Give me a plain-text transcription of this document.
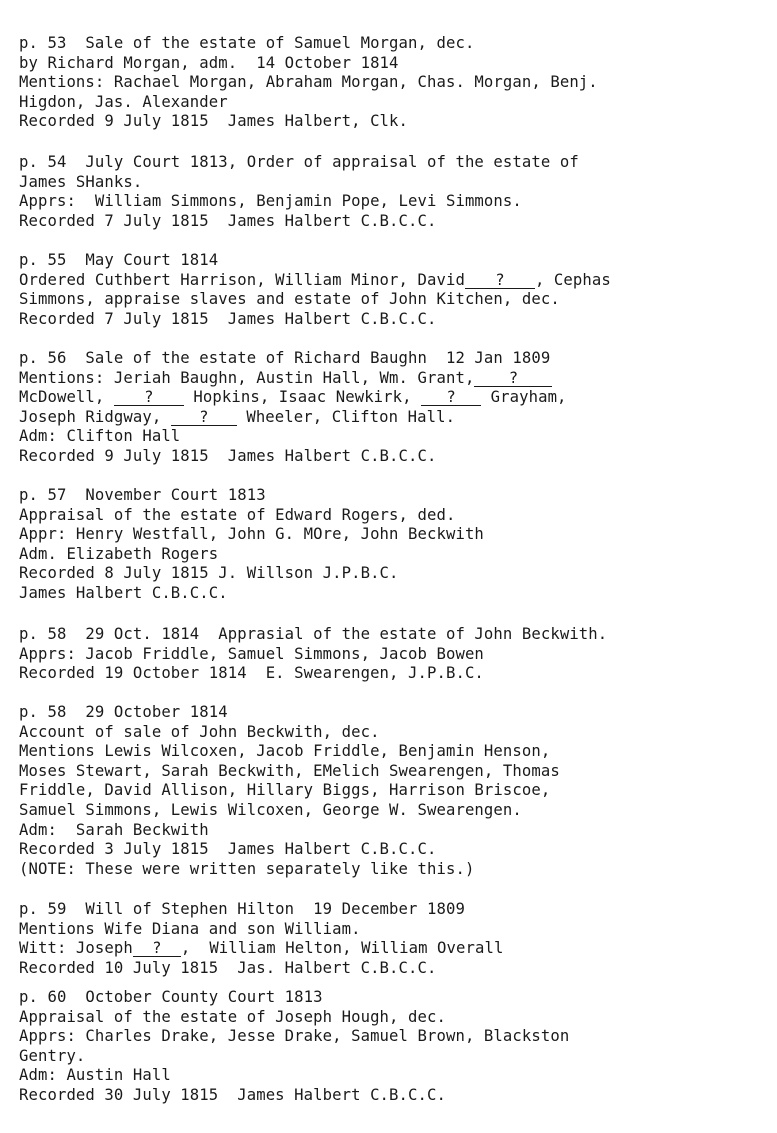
p. 53  Sale of the estate of Samuel Morgan, dec.
by Richard Morgan, adm.  14 October 1814
Mentions: Rachael Morgan, Abraham Morgan, Chas. Morgan, Benj.
Higdon, Jas. Alexander
Recorded 9 July 1815  James Halbert, Clk.
p. 54  July Court 1813, Order of appraisal of the estate of
James SHanks.
Apprs:  William Simmons, Benjamin Pope, Levi Simmons.
Recorded 7 July 1815  James Halbert C.B.C.C.
p. 55  May Court 1814
Ordered Cuthbert Harrison, William Minor, David ? , Cephas
Simmons, appraise slaves and estate of John Kitchen, dec.
Recorded 7 July 1815  James Halbert C.B.C.C.
p. 56  Sale of the estate of Richard Baughn  12 Jan 1809
Mentions: Jeriah Baughn, Austin Hall, Wm. Grant, ?
McDowell,	?	Hopkins, Isaac Newkirk, ? Grayham,
Joseph Ridgway, ? Wheeler, Clifton Hall.
Adm: Clifton Hall
Recorded 9 July 1815  James Halbert C.B.C.C.
p. 57  November Court 1813
Appraisal of the estate of Edward Rogers, ded.
Appr: Henry Westfall, John G. MOre, John Beckwith
Adm. Elizabeth Rogers
Recorded 8 July 1815 J. Willson J.P.B.C.
James Halbert C.B.C.C.
p. 58  29 Oct. 1814  Apprasial of the estate of John Beckwith.
Apprs: Jacob Friddle, Samuel Simmons, Jacob Bowen
Recorded 19 October 1814  E. Swearengen, J.P.B.C.
p. 58  29 October 1814
Account of sale of John Beckwith, dec.
Mentions Lewis Wilcoxen, Jacob Friddle, Benjamin Henson,
Moses Stewart, Sarah Beckwith, EMelich Swearengen, Thomas
Friddle, David Allison, Hillary Biggs, Harrison Briscoe,
Samuel Simmons, Lewis Wilcoxen, George W. Swearengen.
Adm:  Sarah Beckwith
Recorded 3 July 1815  James Halbert C.B.C.C.
(NOTE: These were written separately like this.)
p. 59  Will of Stephen Hilton  19 December 1809
Mentions Wife Diana and son William.
Witt: Joseph ? ,  William Helton, William Overall
Recorded 10 July 1815  Jas. Halbert C.B.C.C.
p. 60  October County Court 1813
Appraisal of the estate of Joseph Hough, dec.
Apprs: Charles Drake, Jesse Drake, Samuel Brown, Blackston
Gentry.
Adm: Austin Hall
Recorded 30 July 1815  James Halbert C.B.C.C.
